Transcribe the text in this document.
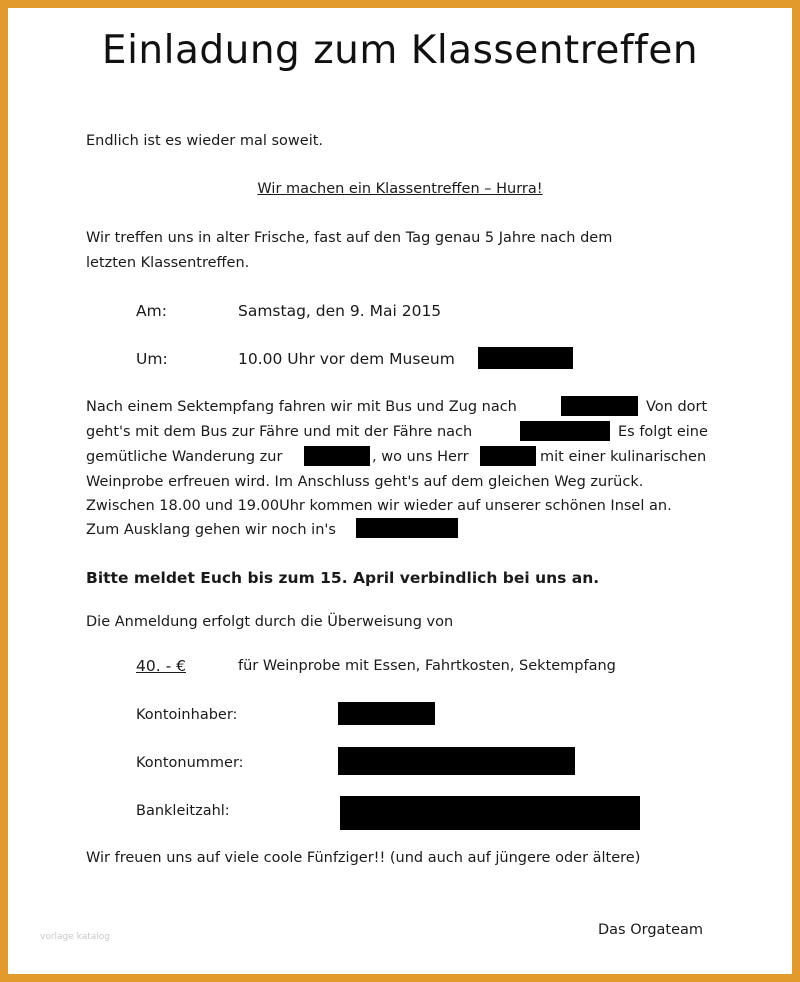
Einladung zum Klassentreffen
Endlich ist es wieder mal soweit.
Wir machen ein Klassentreffen – Hurra!
Wir treffen uns in alter Frische, fast auf den Tag genau 5 Jahre nach dem
letzten Klassentreffen.
Am:	Samstag, den 9. Mai 2015
Um:	10.00 Uhr vor dem Museum
Nach einem Sektempfang fahren wir mit Bus und Zug nach	Von dort
geht's mit dem Bus zur Fähre und mit der Fähre nach	Es folgt eine
gemütliche Wanderung zur	, wo uns Herr	mit einer kulinarischen
Weinprobe erfreuen wird. Im Anschluss geht's auf dem gleichen Weg zurück.
Zwischen 18.00 und 19.00Uhr kommen wir wieder auf unserer schönen Insel an.
Zum Ausklang gehen wir noch in's
Bitte meldet Euch bis zum 15. April verbindlich bei uns an.
Die Anmeldung erfolgt durch die Überweisung von
40. - €	für Weinprobe mit Essen, Fahrtkosten, Sektempfang
Kontoinhaber:
Kontonummer:
Bankleitzahl:
Wir freuen uns auf viele coole Fünfziger!! (und auch auf jüngere oder ältere)
Das Orgateam
vorlage katalog
